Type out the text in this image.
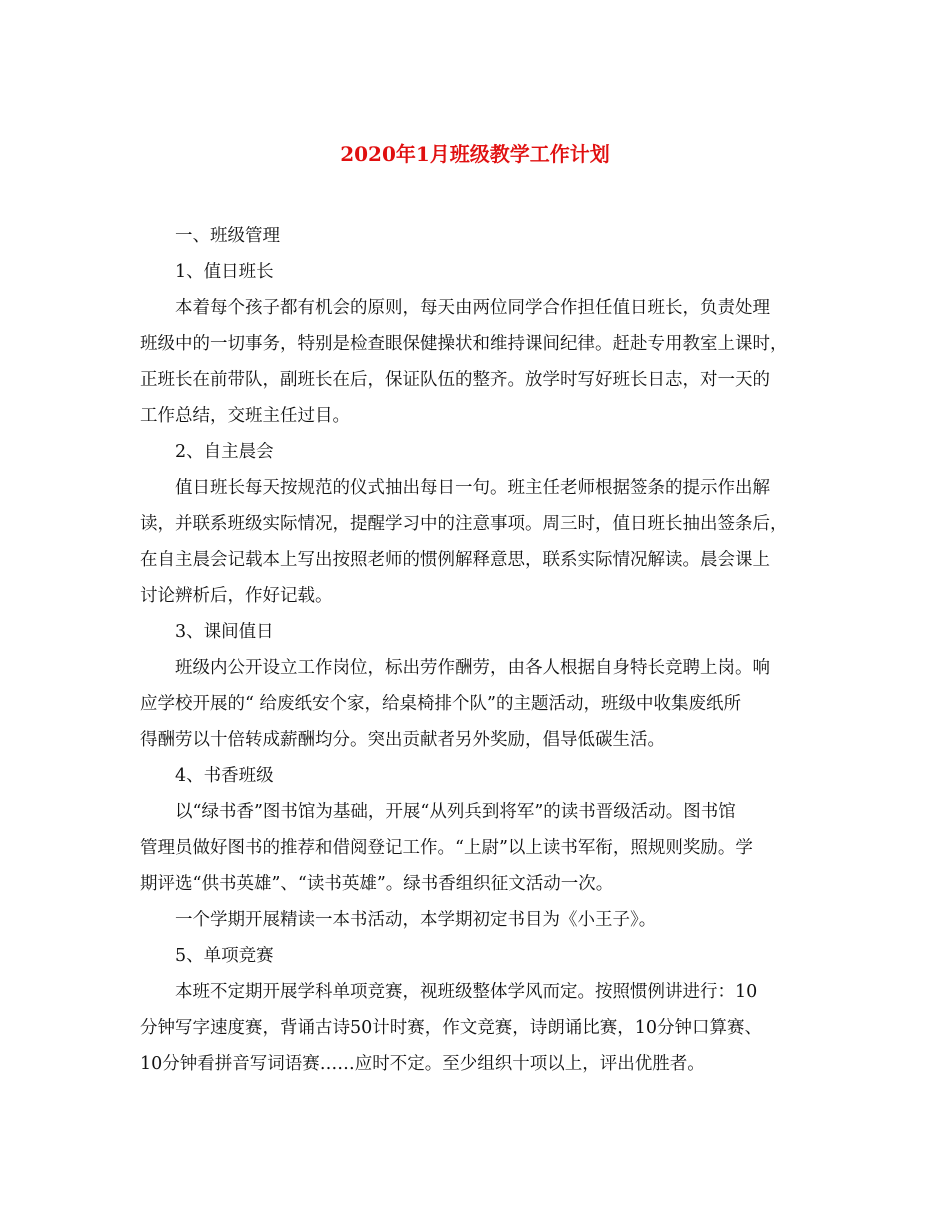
2020年1月班级教学工作计划

一、班级管理

1、值日班长

本着每个孩子都有机会的原则，每天由两位同学合作担任值日班长，负责处理

班级中的一切事务，特别是检查眼保健操状和维持课间纪律。赶赴专用教室上课时，

正班长在前带队，副班长在后，保证队伍的整齐。放学时写好班长日志，对一天的

工作总结，交班主任过目。

2、自主晨会

值日班长每天按规范的仪式抽出每日一句。班主任老师根据签条的提示作出解

读，并联系班级实际情况，提醒学习中的注意事项。周三时，值日班长抽出签条后，

在自主晨会记载本上写出按照老师的惯例解释意思，联系实际情况解读。晨会课上

讨论辨析后，作好记载。

3、课间值日

班级内公开设立工作岗位，标出劳作酬劳，由各人根据自身特长竞聘上岗。响

应学校开展的“ 给废纸安个家，给桌椅排个队”的主题活动，班级中收集废纸所

得酬劳以十倍转成薪酬均分。突出贡献者另外奖励，倡导低碳生活。

4、书香班级

以“绿书香”图书馆为基础，开展“从列兵到将军”的读书晋级活动。图书馆

管理员做好图书的推荐和借阅登记工作。“上尉”以上读书军衔，照规则奖励。学

期评选“供书英雄”、“读书英雄”。绿书香组织征文活动一次。

一个学期开展精读一本书活动，本学期初定书目为《小王子》。

5、单项竞赛

本班不定期开展学科单项竞赛，视班级整体学风而定。按照惯例讲进行：10

分钟写字速度赛，背诵古诗50计时赛，作文竞赛，诗朗诵比赛，10分钟口算赛、

10分钟看拼音写词语赛……应时不定。至少组织十项以上，评出优胜者。
